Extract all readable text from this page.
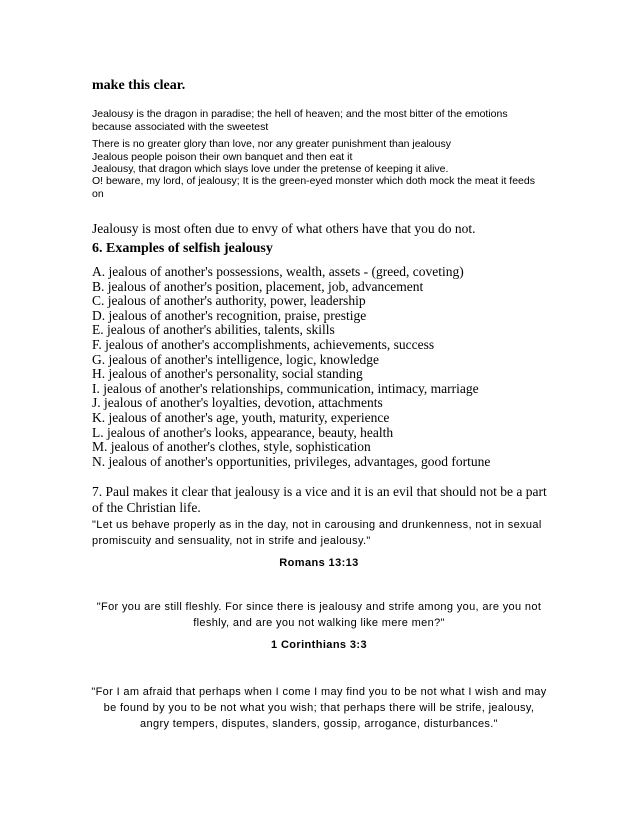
make this clear.
Jealousy is the dragon in paradise; the hell of heaven; and the most bitter of the emotions because associated with the sweetest
There is no greater glory than love, nor any greater punishment than jealousy
Jealous people poison their own banquet and then eat it
Jealousy, that dragon which slays love under the pretense of keeping it alive.
O! beware, my lord, of jealousy; It is the green-eyed monster which doth mock the meat it feeds on
Jealousy is most often due to envy of what others have that you do not.
6. Examples of selfish jealousy
A. jealous of another's possessions, wealth, assets - (greed, coveting)
B. jealous of another's position, placement, job, advancement
C. jealous of another's authority, power, leadership
D. jealous of another's recognition, praise, prestige
E. jealous of another's abilities, talents, skills
F. jealous of another's accomplishments, achievements, success
G. jealous of another's intelligence, logic, knowledge
H. jealous of another's personality, social standing
I. jealous of another's relationships, communication, intimacy, marriage
J. jealous of another's loyalties, devotion, attachments
K. jealous of another's age, youth, maturity, experience
L. jealous of another's looks, appearance, beauty, health
M. jealous of another's clothes, style, sophistication
N. jealous of another's opportunities, privileges, advantages, good fortune
7. Paul makes it clear that jealousy is a vice and it is an evil that should not be a part of the Christian life.
"Let us behave properly as in the day, not in carousing and drunkenness, not in sexual promiscuity and sensuality, not in strife and jealousy."
Romans 13:13
"For you are still fleshly. For since there is jealousy and strife among you, are you not fleshly, and are you not walking like mere men?"
1 Corinthians 3:3
"For I am afraid that perhaps when I come I may find you to be not what I wish and may be found by you to be not what you wish; that perhaps there will be strife, jealousy, angry tempers, disputes, slanders, gossip, arrogance, disturbances."
